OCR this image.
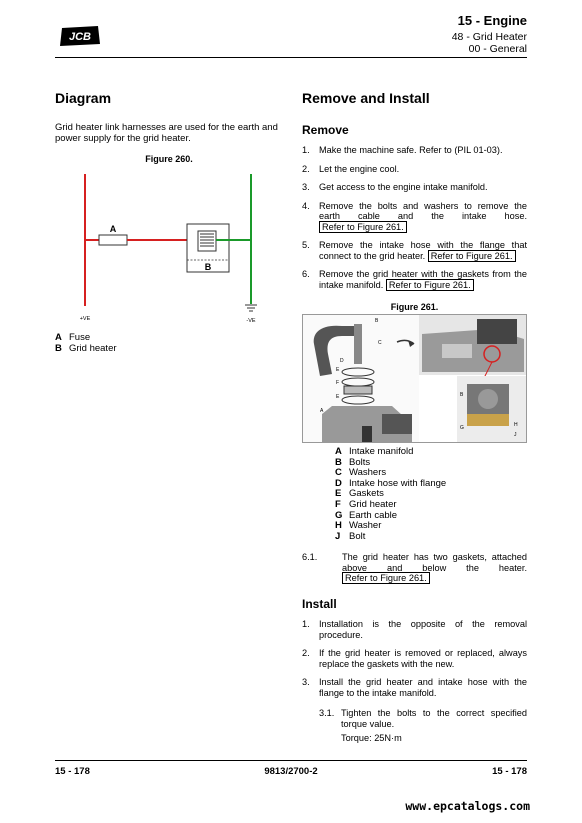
JCB
15 - Engine
48 - Grid Heater
00 - General
Diagram
Grid heater link harnesses are used for the earth and power supply for the grid heater.
Figure 260.
A
B
+VE	-VE
A Fuse
B Grid heater
Remove and Install
Remove
1. Make the machine safe. Refer to (PIL 01-03).
2. Let the engine cool.
3. Get access to the engine intake manifold.
4. Remove the bolts and washers to remove the earth cable and the intake hose. Refer to Figure 261.
5. Remove the intake hose with the flange that connect to the grid heater. Refer to Figure 261.
6. Remove the grid heater with the gaskets from the intake manifold. Refer to Figure 261.
Figure 261.
B
C
D
E
F
E
A
B
G	H
J
A Intake manifold
B Bolts
C Washers
D Intake hose with flange
E Gaskets
F Grid heater
G Earth cable
H Washer
J Bolt
6.1.	The grid heater has two gaskets, attached above and below the heater. Refer to Figure 261.
Install
1. Installation is the opposite of the removal procedure.
2. If the grid heater is removed or replaced, always replace the gaskets with the new.
3. Install the grid heater and intake hose with the flange to the intake manifold.
3.1. Tighten the bolts to the correct specified torque value.
Torque: 25N·m
15 - 178	9813/2700-2	15 - 178
www.epcatalogs.com
